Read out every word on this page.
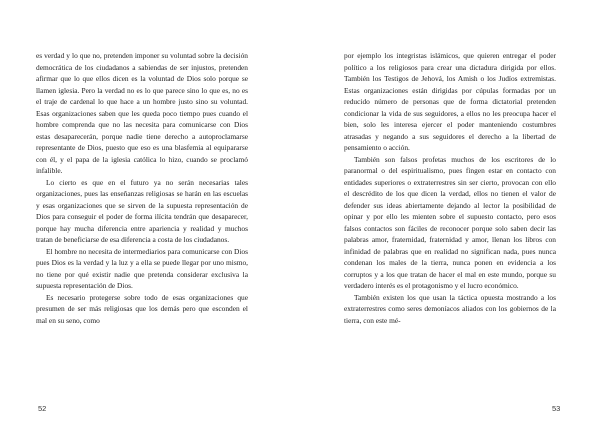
es verdad y lo que no, pretenden imponer su voluntad sobre la decisión democrática de los ciudadanos a sabiendas de ser injustos, pretenden afirmar que lo que ellos dicen es la voluntad de Dios solo porque se llamen iglesia. Pero la verdad no es lo que parece sino lo que es, no es el traje de cardenal lo que hace a un hombre justo sino su voluntad. Esas organizaciones saben que les queda poco tiempo pues cuando el hombre comprenda que no las necesita para comunicarse con Dios estas desaparecerán, porque nadie tiene derecho a autoproclamarse representante de Dios, puesto que eso es una blasfemia al equipararse con él, y el papa de la iglesia católica lo hizo, cuando se proclamó infalible.

Lo cierto es que en el futuro ya no serán necesarias tales organizaciones, pues las enseñanzas religiosas se harán en las escuelas y esas organizaciones que se sirven de la supuesta representación de Dios para conseguir el poder de forma ilícita tendrán que desaparecer, porque hay mucha diferencia entre apariencia y realidad y muchos tratan de beneficiarse de esa diferencia a costa de los ciudadanos.

El hombre no necesita de intermediarios para comunicarse con Dios pues Dios es la verdad y la luz y a ella se puede llegar por uno mismo, no tiene por qué existir nadie que pretenda considerar exclusiva la supuesta representación de Dios.

Es necesario protegerse sobre todo de esas organizaciones que presumen de ser más religiosas que los demás pero que esconden el mal en su seno, como

52

por ejemplo los integristas islámicos, que quieren entregar el poder político a los religiosos para crear una dictadura dirigida por ellos. También los Testigos de Jehová, los Amish o los Judíos extremistas. Estas organizaciones están dirigidas por cúpulas formadas por un reducido número de personas que de forma dictatorial pretenden condicionar la vida de sus seguidores, a ellos no les preocupa hacer el bien, solo les interesa ejercer el poder manteniendo costumbres atrasadas y negando a sus seguidores el derecho a la libertad de pensamiento o acción.

También son falsos profetas muchos de los escritores de lo paranormal o del espiritualismo, pues fingen estar en contacto con entidades superiores o extraterrestres sin ser cierto, provocan con ello el descrédito de los que dicen la verdad, ellos no tienen el valor de defender sus ideas abiertamente dejando al lector la posibilidad de opinar y por ello les mienten sobre el supuesto contacto, pero esos falsos contactos son fáciles de reconocer porque solo saben decir las palabras amor, fraternidad, fraternidad y amor, llenan los libros con infinidad de palabras que en realidad no significan nada, pues nunca condenan los males de la tierra, nunca ponen en evidencia a los corruptos y a los que tratan de hacer el mal en este mundo, porque su verdadero interés es el protagonismo y el lucro económico.

También existen los que usan la táctica opuesta mostrando a los extraterrestres como seres demoníacos aliados con los gobiernos de la tierra, con este mé-

53
